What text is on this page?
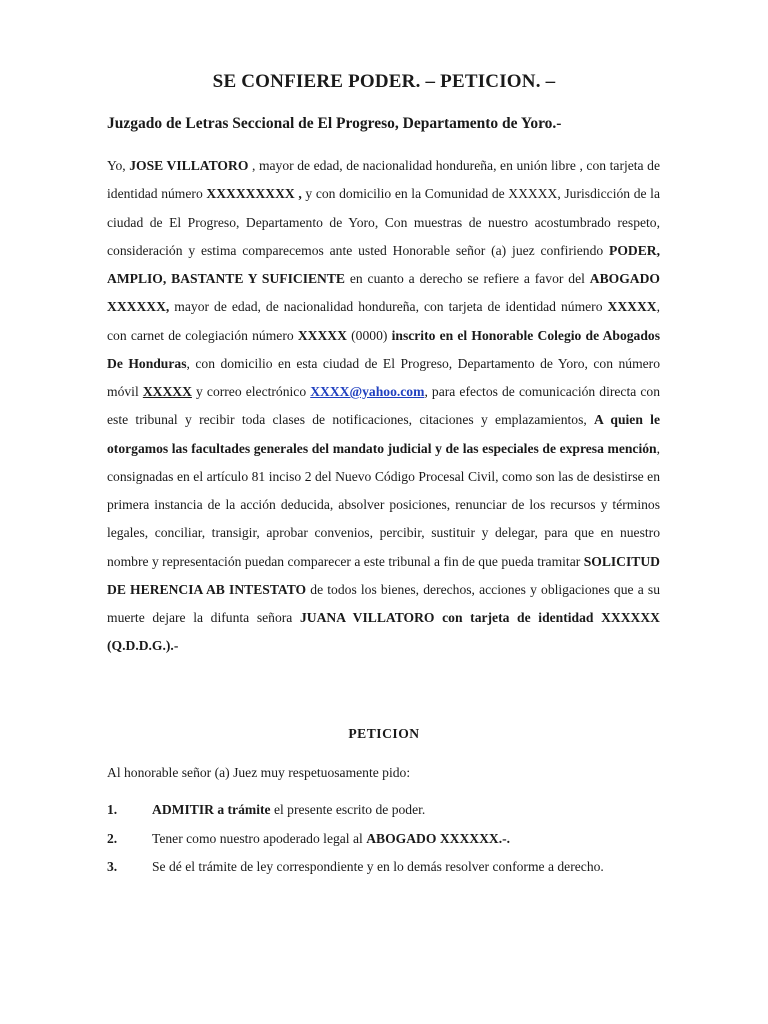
SE CONFIERE PODER. – PETICION. –
Juzgado de Letras Seccional de El Progreso, Departamento de Yoro.-

Yo, JOSE VILLATORO , mayor de edad, de nacionalidad hondureña, en unión libre , con tarjeta de identidad número XXXXXXXXX , y con domicilio en la Comunidad de XXXXX, Jurisdicción de la ciudad de El Progreso, Departamento de Yoro, Con muestras de nuestro acostumbrado respeto, consideración y estima comparecemos ante usted Honorable señor (a) juez confiriendo PODER, AMPLIO, BASTANTE Y SUFICIENTE en cuanto a derecho se refiere a favor del ABOGADO XXXXXX, mayor de edad, de nacionalidad hondureña, con tarjeta de identidad número XXXXX, con carnet de colegiación número XXXXX (0000) inscrito en el Honorable Colegio de Abogados De Honduras, con domicilio en esta ciudad de El Progreso, Departamento de Yoro, con número móvil XXXXX y correo electrónico XXXX@yahoo.com, para efectos de comunicación directa con este tribunal y recibir toda clases de notificaciones, citaciones y emplazamientos, A quien le otorgamos las facultades generales del mandato judicial y de las especiales de expresa mención, consignadas en el artículo 81 inciso 2 del Nuevo Código Procesal Civil, como son las de desistirse en primera instancia de la acción deducida, absolver posiciones, renunciar de los recursos y términos legales, conciliar, transigir, aprobar convenios, percibir, sustituir y delegar, para que en nuestro nombre y representación puedan comparecer a este tribunal a fin de que pueda tramitar SOLICITUD DE HERENCIA AB INTESTATO de todos los bienes, derechos, acciones y obligaciones que a su muerte dejare la difunta señora JUANA VILLATORO con tarjeta de identidad XXXXXX (Q.D.D.G.).-

PETICION
Al honorable señor (a) Juez muy respetuosamente pido:
1.	ADMITIR a trámite el presente escrito de poder.
2.	Tener como nuestro apoderado legal al ABOGADO XXXXXX.-.
3.	Se dé el trámite de ley correspondiente y en lo demás resolver conforme a derecho.
